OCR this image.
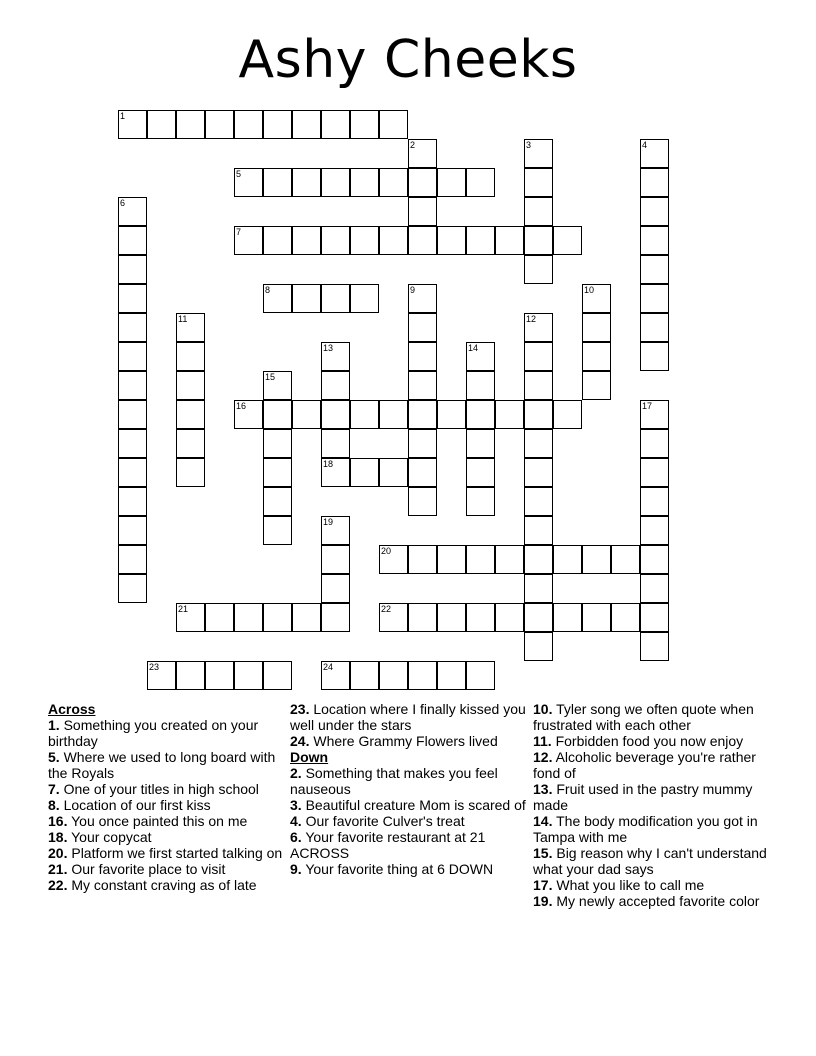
Ashy Cheeks
1
2	3	4
5
6
7
8	9	10
11	12
13
18
14
15
16	17
19
20
21	22
23	24
Across
1. Something you created on your birthday
5. Where we used to long board with the Royals
7. One of your titles in high school
8. Location of our first kiss
16. You once painted this on me
18. Your copycat
20. Platform we first started talking on
21. Our favorite place to visit
22. My constant craving as of late
23. Location where I finally kissed you well under the stars
24. Where Grammy Flowers lived
Down
2. Something that makes you feel nauseous
3. Beautiful creature Mom is scared of
4. Our favorite Culver's treat
6. Your favorite restaurant at 21 ACROSS
9. Your favorite thing at 6 DOWN
10. Tyler song we often quote when frustrated with each other
11. Forbidden food you now enjoy
12. Alcoholic beverage you're rather fond of
13. Fruit used in the pastry mummy made
14. The body modification you got in Tampa with me
15. Big reason why I can't understand what your dad says
17. What you like to call me
19. My newly accepted favorite color
